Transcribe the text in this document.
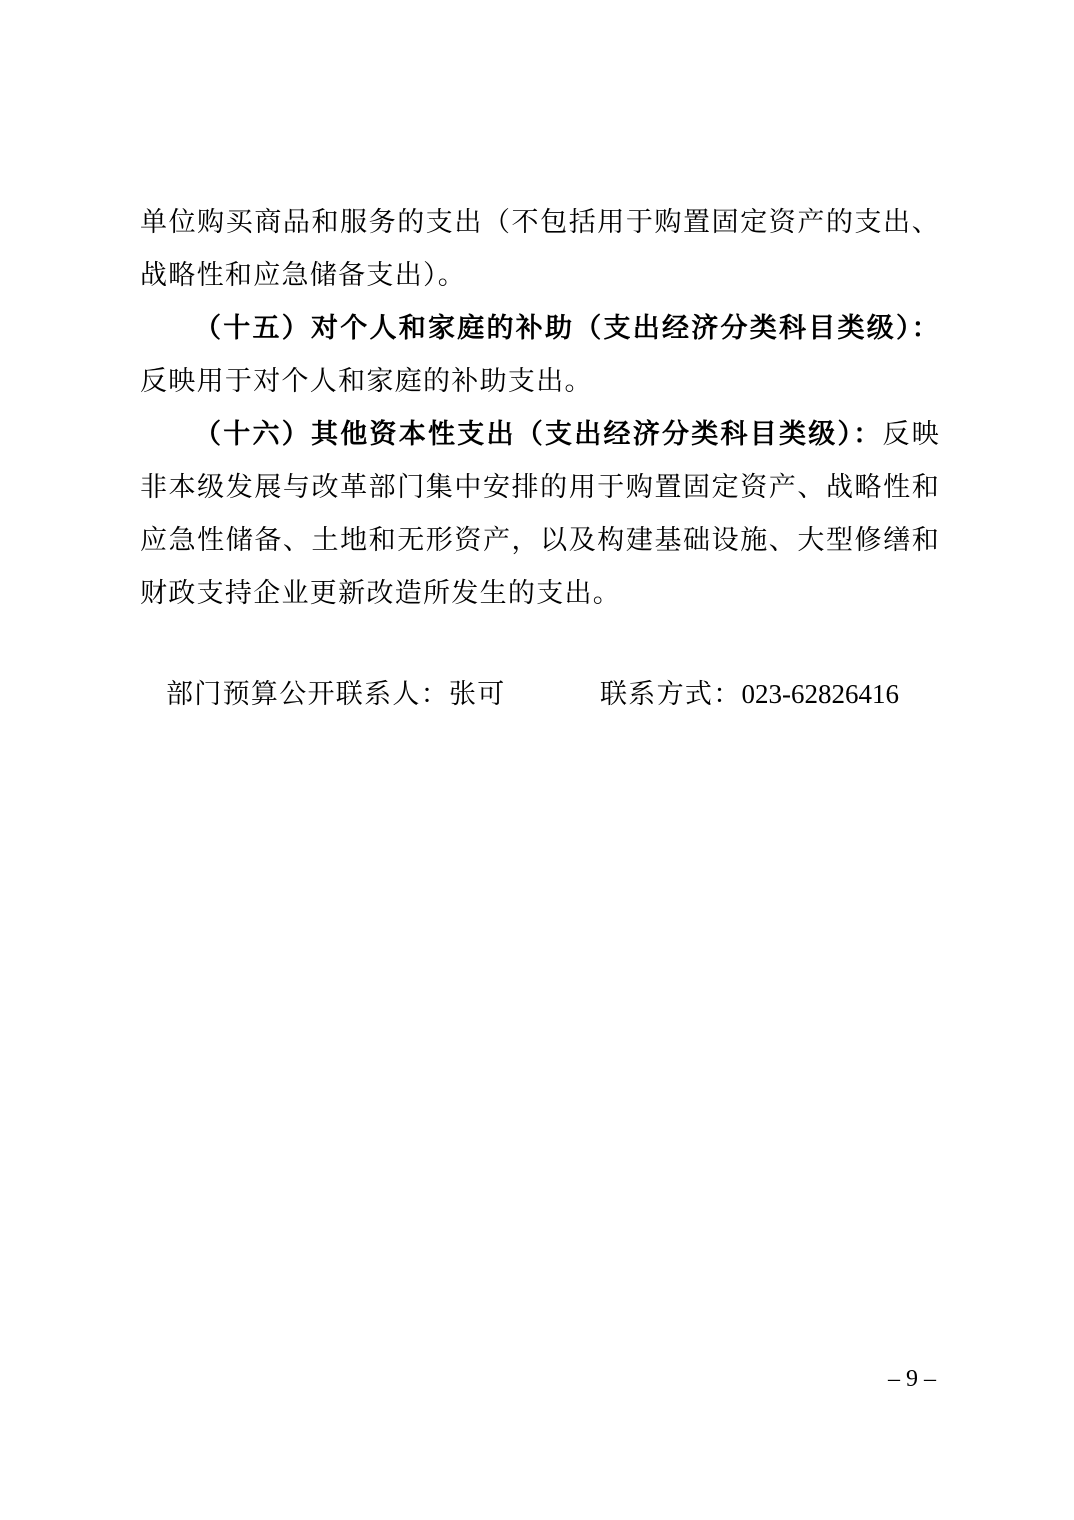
单位购买商品和服务的支出（不包括用于购置固定资产的支出、战略性和应急储备支出）。

（十五）对个人和家庭的补助（支出经济分类科目类级）：反映用于对个人和家庭的补助支出。

（十六）其他资本性支出（支出经济分类科目类级）：反映非本级发展与改革部门集中安排的用于购置固定资产、战略性和应急性储备、土地和无形资产，以及构建基础设施、大型修缮和财政支持企业更新改造所发生的支出。

部门预算公开联系人：张可	联系方式：023-62826416
– 9 –
